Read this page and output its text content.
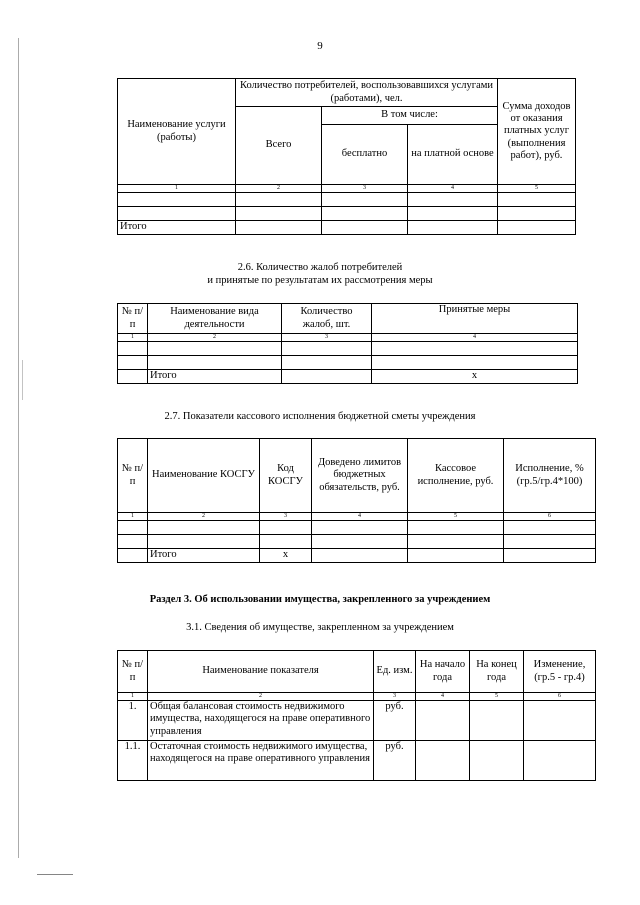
9
Наименование услуги (работы)	Количество потребителей, воспользовавшихся услугами (работами), чел.			Сумма доходов от оказания платных услуг (выполнения работ), руб.
	Всего	В том числе:		
		бесплатно	на платной основе	
1	2	3	4	5

Итого				
2.6. Количество жалоб потребителей
и принятые по результатам их рассмотрения меры
№ п/п	Наименование вида деятельности	Количество жалоб, шт.	Принятые меры
1	2	3	4

	Итого		х
2.7. Показатели кассового исполнения бюджетной сметы учреждения
№ п/п	Наименование КОСГУ	Код КОСГУ	Доведено лимитов бюджетных обязательств, руб.	Кассовое исполнение, руб.	Исполнение, % (гр.5/гр.4*100)
1	2	3	4	5	6

	Итого	х			
Раздел 3. Об использовании имущества, закрепленного за учреждением
3.1. Сведения об имуществе, закрепленном за учреждением
№ п/п	Наименование показателя	Ед. изм.	На начало года	На конец года	Изменение, (гр.5 - гр.4)
1	2	3	4	5	6
1.	Общая балансовая стоимость недвижимого имущества, находящегося на праве оперативного управления	руб.			
1.1.	Остаточная стоимость недвижимого имущества, находящегося на праве оперативного управления	руб.			
